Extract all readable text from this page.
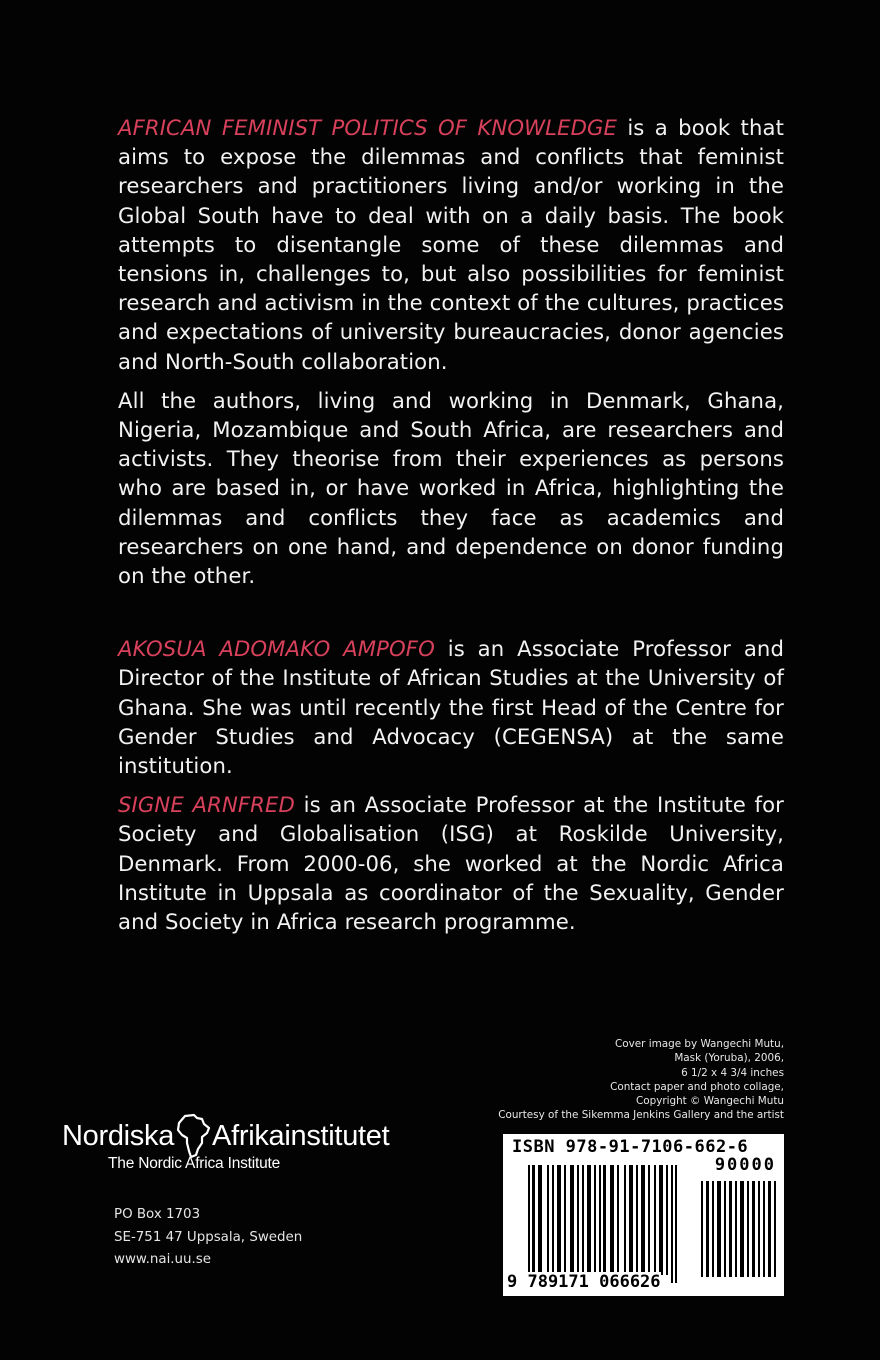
AFRICAN FEMINIST POLITICS OF KNOWLEDGE is a book that aims to expose the dilemmas and conflicts that feminist researchers and practitioners living and/or working in the Global South have to deal with on a daily basis. The book attempts to disentangle some of these dilemmas and tensions in, challenges to, but also possibilities for feminist research and activism in the context of the cultures, practices and expectations of university bureaucracies, donor agencies and North-South collaboration.

All the authors, living and working in Denmark, Ghana, Nigeria, Mozambique and South Africa, are researchers and activists. They theorise from their experiences as persons who are based in, or have worked in Africa, highlighting the dilemmas and conflicts they face as academics and researchers on one hand, and dependence on donor funding on the other.

AKOSUA ADOMAKO AMPOFO is an Associate Professor and Director of the Institute of African Studies at the University of Ghana. She was until recently the first Head of the Centre for Gender Studies and Advocacy (CEGENSA) at the same institution.

SIGNE ARNFRED is an Associate Professor at the Institute for Society and Globalisation (ISG) at Roskilde University, Denmark. From 2000-06, she worked at the Nordic Africa Institute in Uppsala as coordinator of the Sexuality, Gender and Society in Africa research programme.

Cover image by Wangechi Mutu,
Mask (Yoruba), 2006,
6 1/2 x 4 3/4 inches
Contact paper and photo collage,
Copyright © Wangechi Mutu
Courtesy of the Sikemma Jenkins Gallery and the artist
Nordiska Afrikainstitutet
The Nordic Africa Institute
PO Box 1703
SE-751 47 Uppsala, Sweden
www.nai.uu.se
ISBN 978-91-7106-662-6
90000
9 789171 066626
